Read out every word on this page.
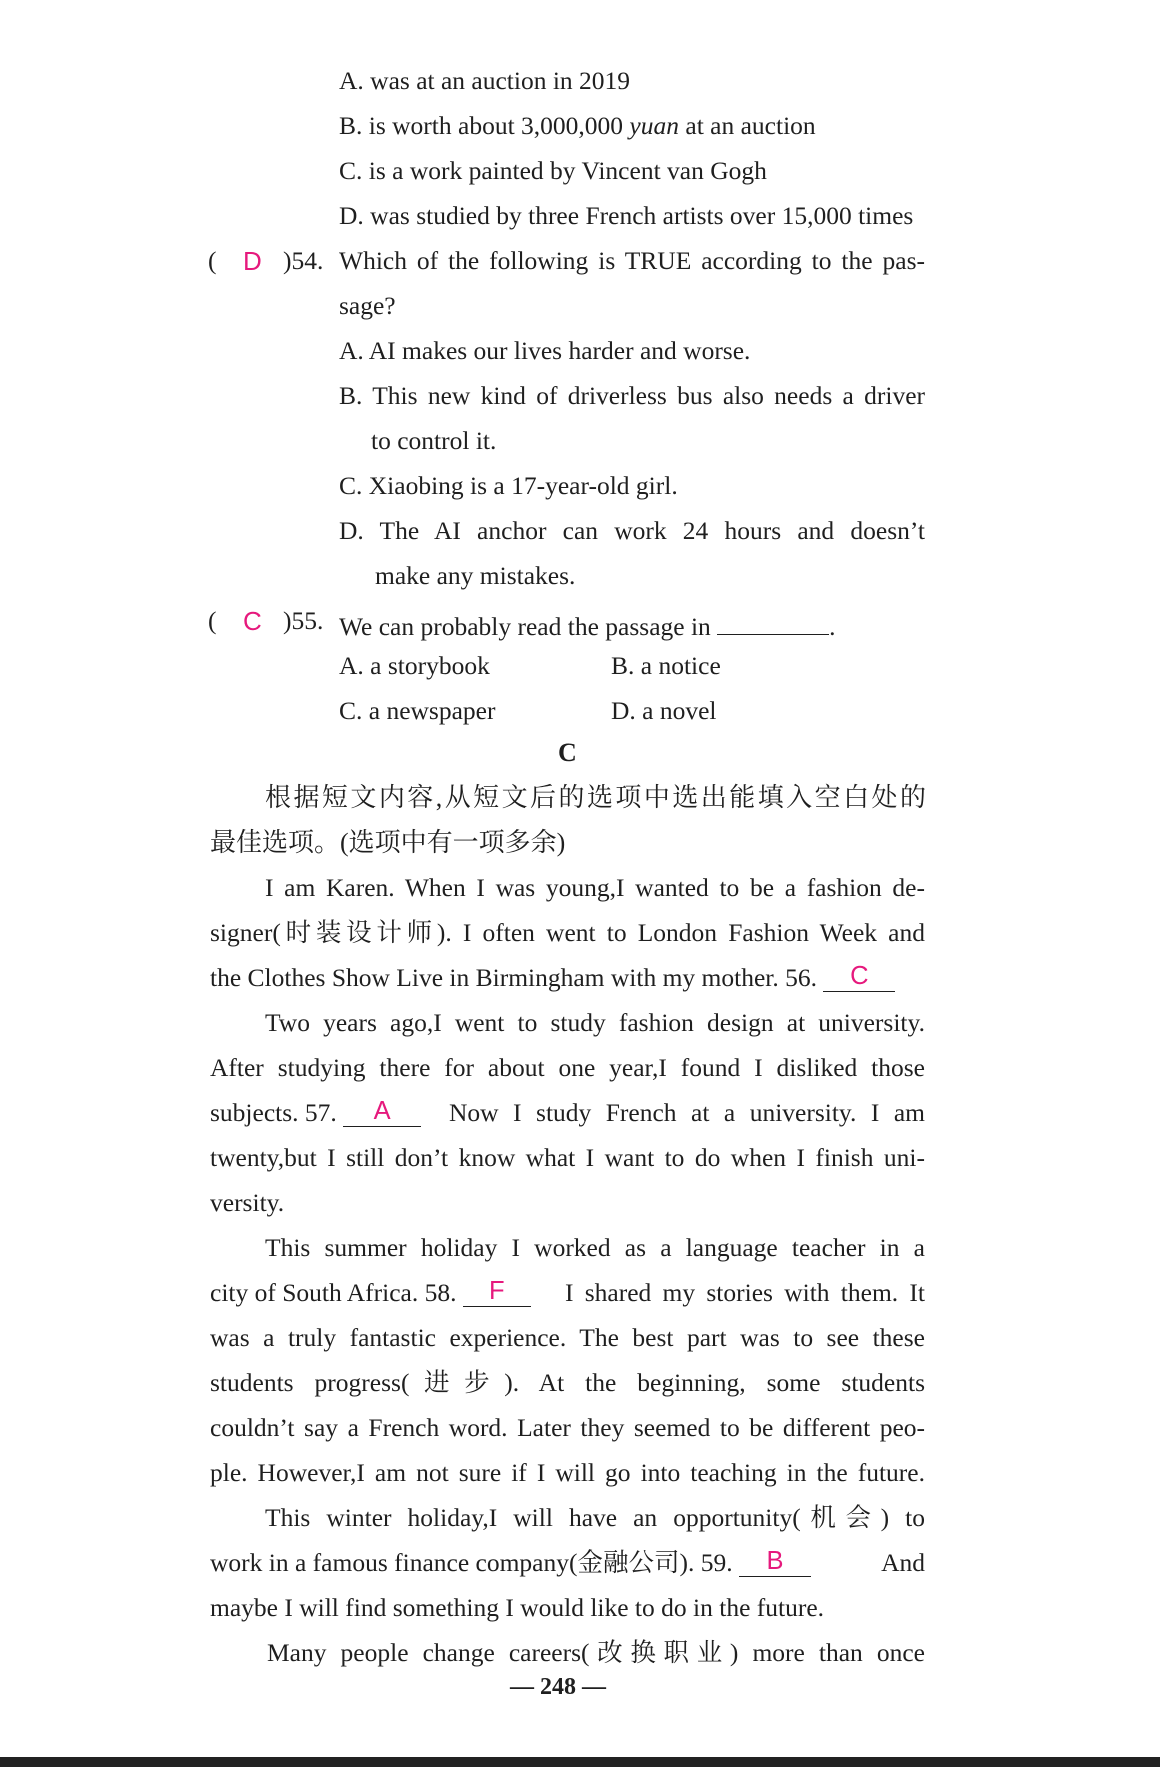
A. was at an auction in 2019
B. is worth about 3,000,000 yuan at an auction
C. is a work painted by Vincent van Gogh
D. was studied by three French artists over 15,000 times
( D )54. Which of the following is TRUE according to the pas-
sage?
A. AI makes our lives harder and worse.
B. This new kind of driverless bus also needs a driver
to control it.
C. Xiaobing is a 17-year-old girl.
D. The AI anchor can work 24 hours and doesn’t
make any mistakes.
( C )55. We can probably read the passage in	.
A. a storybook	B. a notice
C. a newspaper	D. a novel
C
根据短文内容,从短文后的选项中选出能填入空白处的
最佳选项。(选项中有一项多余)
I am Karen. When I was young,I wanted to be a fashion de-
signer(时装设计师). I often went to London Fashion Week and
the Clothes Show Live in Birmingham with my mother. 56. C
Two years ago,I went to study fashion design at university.
After studying there for about one year,I found I disliked those
subjects. 57. A	Now I study French at a university. I am
twenty,but I still don’t know what I want to do when I finish uni-
versity.
This summer holiday I worked as a language teacher in a
city of South Africa. 58. F	I shared my stories with them. It
was a truly fantastic experience. The best part was to see these
students progress(进步). At the beginning, some students
couldn’t say a French word. Later they seemed to be different peo-
ple. However,I am not sure if I will go into teaching in the future.
This winter holiday,I will have an opportunity(机会) to
work in a famous finance company(金融公司). 59. B	And
maybe I will find something I would like to do in the future.
Many people change careers(改换职业) more than once
— 248 —
